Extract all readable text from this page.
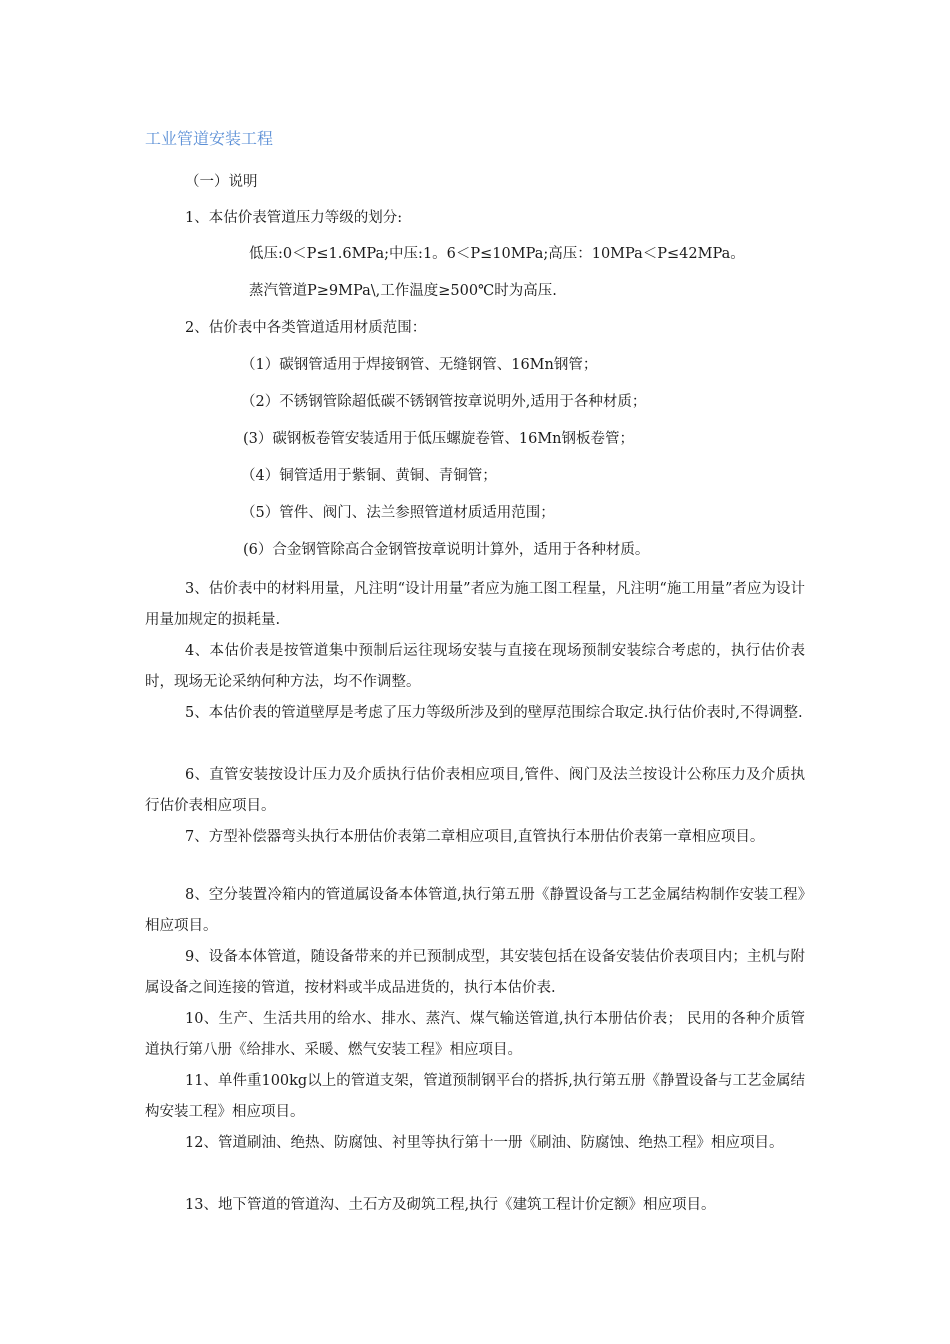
工业管道安装工程
（一）说明
1、本估价表管道压力等级的划分:
低压:0＜P≤1.6MPa;中压:1。6＜P≤10MPa;高压：10MPa＜P≤42MPa。
蒸汽管道P≥9MPa\,工作温度≥500℃时为高压.
2、估价表中各类管道适用材质范围：
（1）碳钢管适用于焊接钢管、无缝钢管、16Mn钢管；
（2）不锈钢管除超低碳不锈钢管按章说明外,适用于各种材质；
(3）碳钢板卷管安装适用于低压螺旋卷管、16Mn钢板卷管；
（4）铜管适用于紫铜、黄铜、青铜管；
（5）管件、阀门、法兰参照管道材质适用范围；
(6）合金钢管除高合金钢管按章说明计算外，适用于各种材质。
3、估价表中的材料用量，凡注明“设计用量”者应为施工图工程量，凡注明“施工用量”者应为设计用量加规定的损耗量.
4、本估价表是按管道集中预制后运往现场安装与直接在现场预制安装综合考虑的，执行估价表时，现场无论采纳何种方法，均不作调整。
5、本估价表的管道壁厚是考虑了压力等级所涉及到的壁厚范围综合取定.执行估价表时,不得调整.
6、直管安装按设计压力及介质执行估价表相应项目,管件、阀门及法兰按设计公称压力及介质执行估价表相应项目。
7、方型补偿器弯头执行本册估价表第二章相应项目,直管执行本册估价表第一章相应项目。
8、空分装置冷箱内的管道属设备本体管道,执行第五册《静置设备与工艺金属结构制作安装工程》相应项目。
9、设备本体管道，随设备带来的并已预制成型，其安装包括在设备安装估价表项目内；主机与附属设备之间连接的管道，按材料或半成品进货的，执行本估价表.
10、生产、生活共用的给水、排水、蒸汽、煤气输送管道,执行本册估价表； 民用的各种介质管道执行第八册《给排水、采暖、燃气安装工程》相应项目。
11、单件重100kg以上的管道支架，管道预制钢平台的搭拆,执行第五册《静置设备与工艺金属结构安装工程》相应项目。
12、管道刷油、绝热、防腐蚀、衬里等执行第十一册《刷油、防腐蚀、绝热工程》相应项目。
13、地下管道的管道沟、土石方及砌筑工程,执行《建筑工程计价定额》相应项目。
